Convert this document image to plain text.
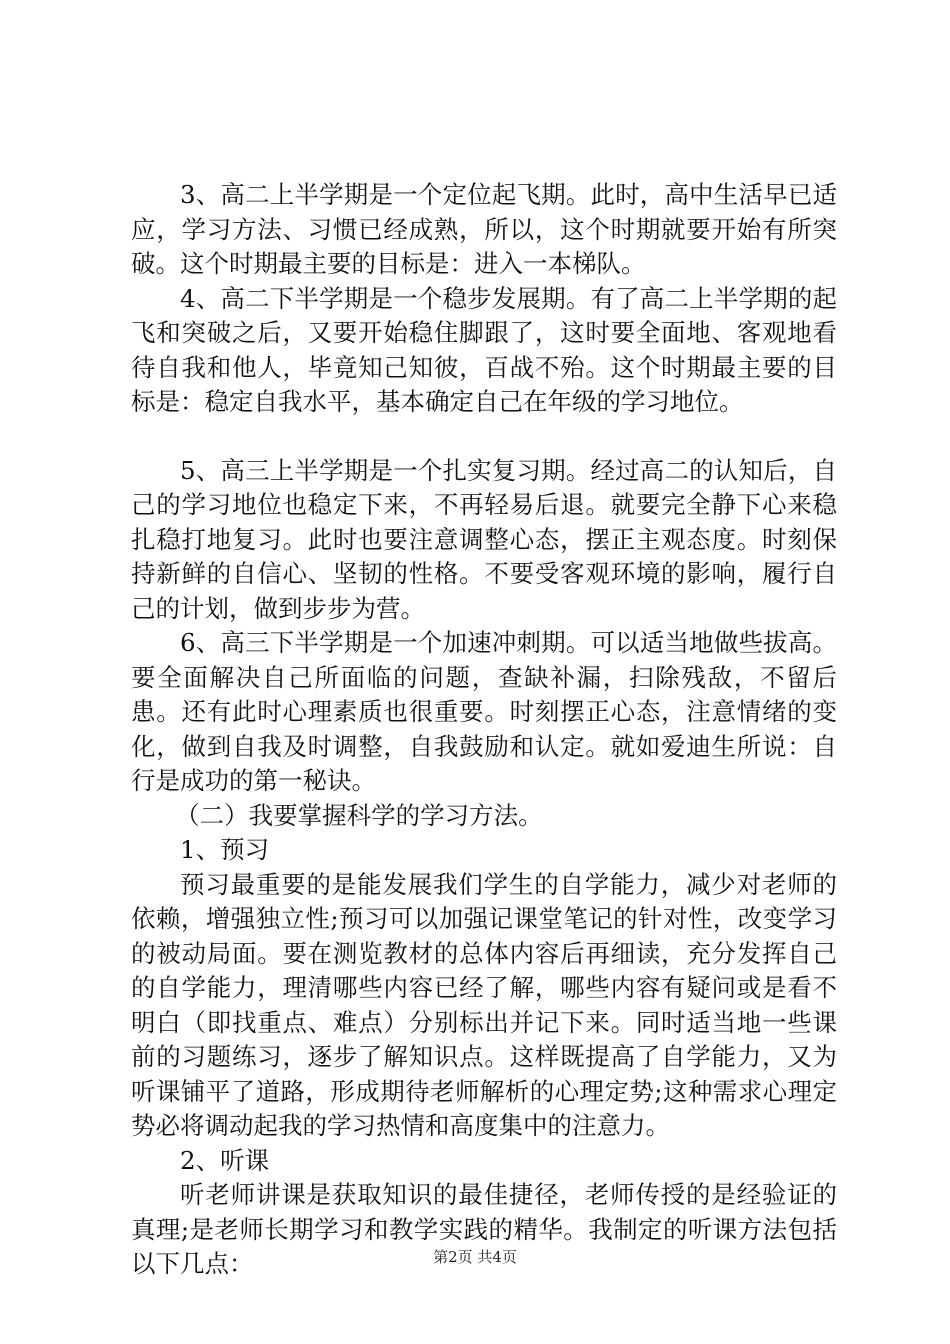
3、高二上半学期是一个定位起飞期。此时，高中生活早已适应，学习方法、习惯已经成熟，所以，这个时期就要开始有所突破。这个时期最主要的目标是：进入一本梯队。

4、高二下半学期是一个稳步发展期。有了高二上半学期的起飞和突破之后，又要开始稳住脚跟了，这时要全面地、客观地看待自我和他人，毕竟知己知彼，百战不殆。这个时期最主要的目标是：稳定自我水平，基本确定自己在年级的学习地位。

5、高三上半学期是一个扎实复习期。经过高二的认知后，自己的学习地位也稳定下来，不再轻易后退。就要完全静下心来稳扎稳打地复习。此时也要注意调整心态，摆正主观态度。时刻保持新鲜的自信心、坚韧的性格。不要受客观环境的影响，履行自己的计划，做到步步为营。

6、高三下半学期是一个加速冲刺期。可以适当地做些拔高。要全面解决自己所面临的问题，查缺补漏，扫除残敌，不留后患。还有此时心理素质也很重要。时刻摆正心态，注意情绪的变化，做到自我及时调整，自我鼓励和认定。就如爱迪生所说：自行是成功的第一秘诀。

（二）我要掌握科学的学习方法。

1、预习

预习最重要的是能发展我们学生的自学能力，减少对老师的依赖，增强独立性;预习可以加强记课堂笔记的针对性，改变学习的被动局面。要在测览教材的总体内容后再细读，充分发挥自己的自学能力，理清哪些内容已经了解，哪些内容有疑问或是看不明白（即找重点、难点）分别标出并记下来。同时适当地一些课前的习题练习，逐步了解知识点。这样既提高了自学能力，又为听课铺平了道路，形成期待老师解析的心理定势;这种需求心理定势必将调动起我的学习热情和高度集中的注意力。

2、听课

听老师讲课是获取知识的最佳捷径，老师传授的是经验证的真理;是老师长期学习和教学实践的精华。我制定的听课方法包括以下几点：	第2页 共4页
